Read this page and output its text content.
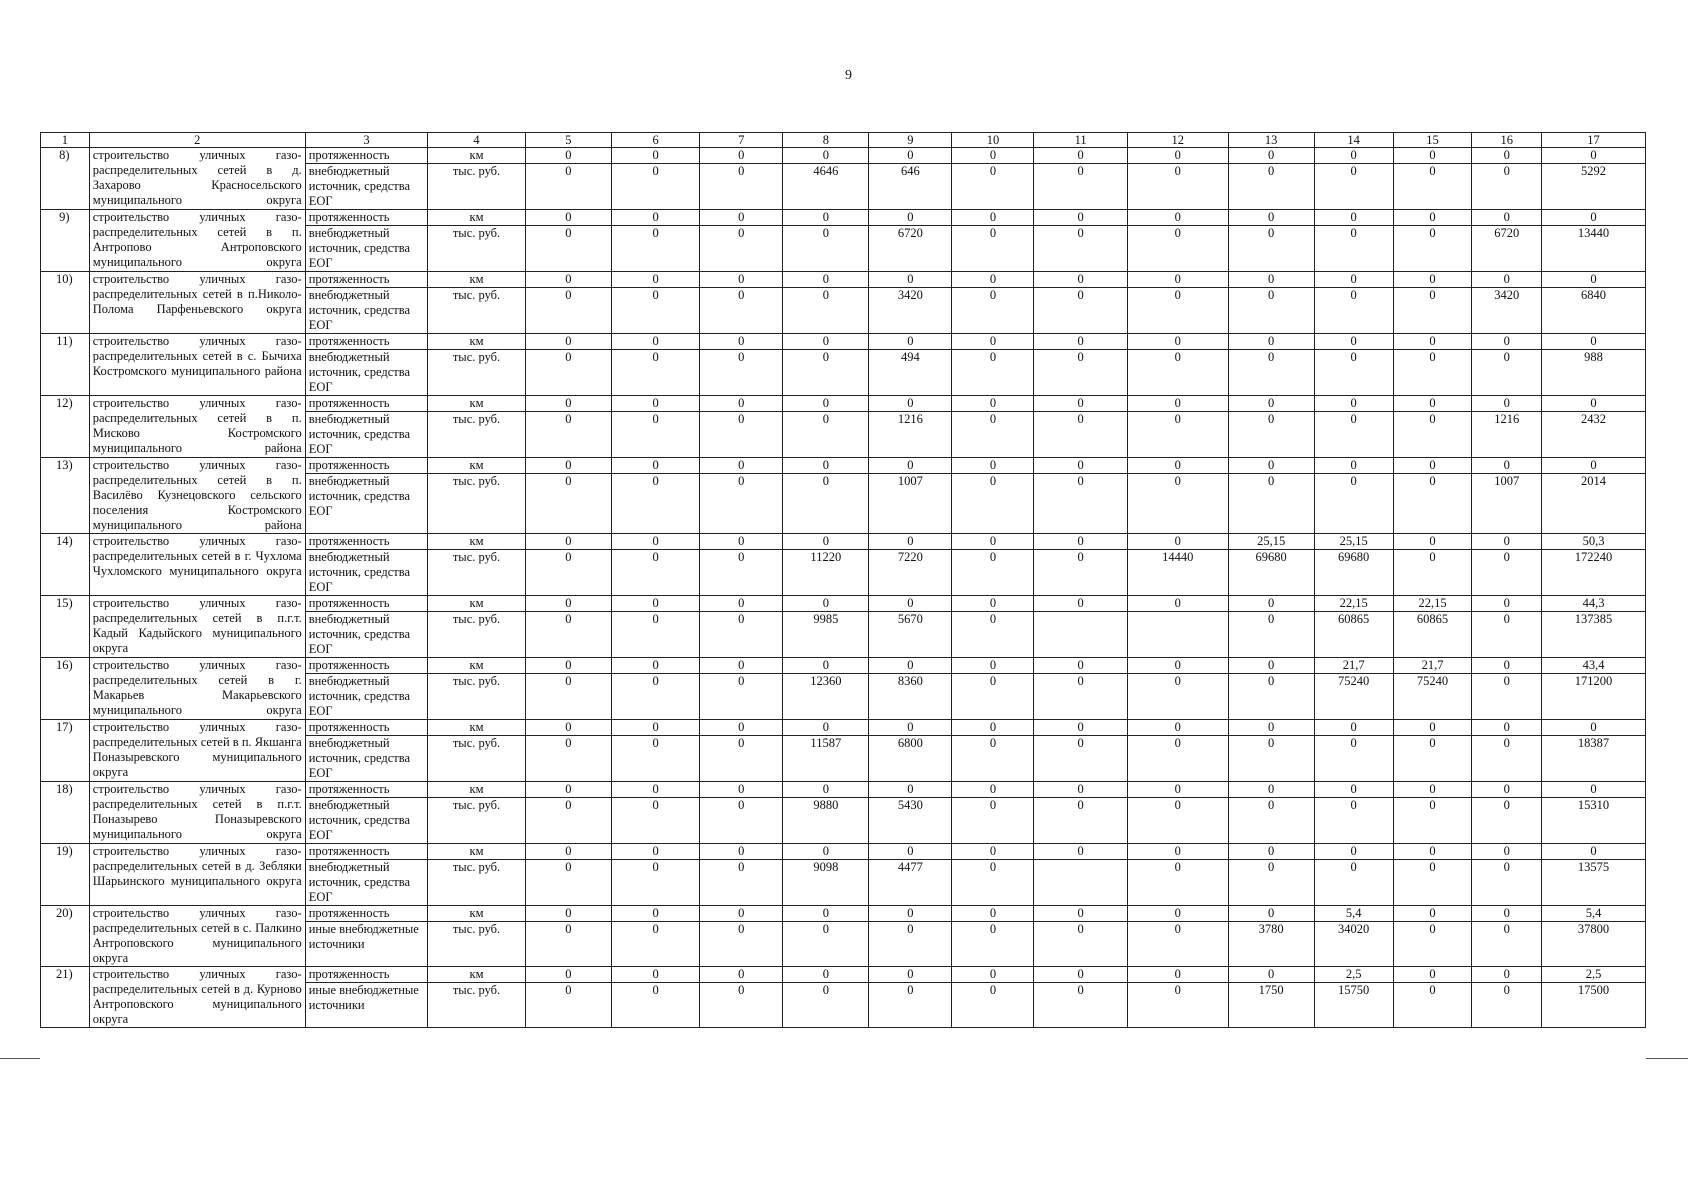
9
1	2	3	4	5	6	7	8	9	10	11	12	13	14	15	16	17
8)	строительство уличных газо-распределительных сетей в д. Захарово Красносельского муниципального округа	протяженность	км	0	0	0	0	0	0	0	0	0	0	0	0	0
		внебюджетный источник, средства ЕОГ	тыс. руб.	0	0	0	4646	646	0	0	0	0	0	0	0	5292
9)	строительство уличных газо-распределительных сетей в п. Антропово Антроповского муниципального округа	протяженность	км	0	0	0	0	0	0	0	0	0	0	0	0	0
		внебюджетный источник, средства ЕОГ	тыс. руб.	0	0	0	0	6720	0	0	0	0	0	0	6720	13440
10)	строительство уличных газо-распределительных сетей в п.Николо-Полома Парфеньевского округа	протяженность	км	0	0	0	0	0	0	0	0	0	0	0	0	0
		внебюджетный источник, средства ЕОГ	тыс. руб.	0	0	0	0	3420	0	0	0	0	0	0	3420	6840
11)	строительство уличных газо-распределительных сетей в с. Бычиха Костромского муниципального района	протяженность	км	0	0	0	0	0	0	0	0	0	0	0	0	0
		внебюджетный источник, средства ЕОГ	тыс. руб.	0	0	0	0	494	0	0	0	0	0	0	0	988
12)	строительство уличных газо-распределительных сетей в п. Мисково Костромского муниципального района	протяженность	км	0	0	0	0	0	0	0	0	0	0	0	0	0
		внебюджетный источник, средства ЕОГ	тыс. руб.	0	0	0	0	1216	0	0	0	0	0	0	1216	2432
13)	строительство уличных газо-распределительных сетей в п. Василёво Кузнецовского сельского поселения Костромского муниципального района	протяженность	км	0	0	0	0	0	0	0	0	0	0	0	0	0
		внебюджетный источник, средства ЕОГ	тыс. руб.	0	0	0	0	1007	0	0	0	0	0	0	1007	2014
14)	строительство уличных газо-распределительных сетей в г. Чухлома Чухломского муниципального округа	протяженность	км	0	0	0	0	0	0	0	0	25,15	25,15	0	0	50,3
		внебюджетный источник, средства ЕОГ	тыс. руб.	0	0	0	11220	7220	0	0	14440	69680	69680	0	0	172240
15)	строительство уличных газо-распределительных сетей в п.г.т. Кадый Кадыйского муниципального округа	протяженность	км	0	0	0	0	0	0	0	0	0	22,15	22,15	0	44,3
		внебюджетный источник, средства ЕОГ	тыс. руб.	0	0	0	9985	5670	0			0	60865	60865	0	137385
16)	строительство уличных газо-распределительных сетей в г. Макарьев Макарьевского муниципального округа	протяженность	км	0	0	0	0	0	0	0	0	0	21,7	21,7	0	43,4
		внебюджетный источник, средства ЕОГ	тыс. руб.	0	0	0	12360	8360	0	0	0	0	75240	75240	0	171200
17)	строительство уличных газо-распределительных сетей в п. Якшанга Поназыревского муниципального округа	протяженность	км	0	0	0	0	0	0	0	0	0	0	0	0	0
		внебюджетный источник, средства ЕОГ	тыс. руб.	0	0	0	11587	6800	0	0	0	0	0	0	0	18387
18)	строительство уличных газо-распределительных сетей в п.г.т. Поназырево Поназыревского муниципального округа	протяженность	км	0	0	0	0	0	0	0	0	0	0	0	0	0
		внебюджетный источник, средства ЕОГ	тыс. руб.	0	0	0	9880	5430	0	0	0	0	0	0	0	15310
19)	строительство уличных газо-распределительных сетей в д. Зебляки Шарьинского муниципального округа	протяженность	км	0	0	0	0	0	0	0	0	0	0	0	0	0
		внебюджетный источник, средства ЕОГ	тыс. руб.	0	0	0	9098	4477	0		0	0	0	0	0	13575
20)	строительство уличных газо-распределительных сетей в с. Палкино Антроповского муниципального округа	протяженность	км	0	0	0	0	0	0	0	0	0	5,4	0	0	5,4
		иные внебюджетные источники	тыс. руб.	0	0	0	0	0	0	0	0	3780	34020	0	0	37800
21)	строительство уличных газо-распределительных сетей в д. Курново Антроповского муниципального округа	протяженность	км	0	0	0	0	0	0	0	0	0	2,5	0	0	2,5
		иные внебюджетные источники	тыс. руб.	0	0	0	0	0	0	0	0	1750	15750	0	0	17500
